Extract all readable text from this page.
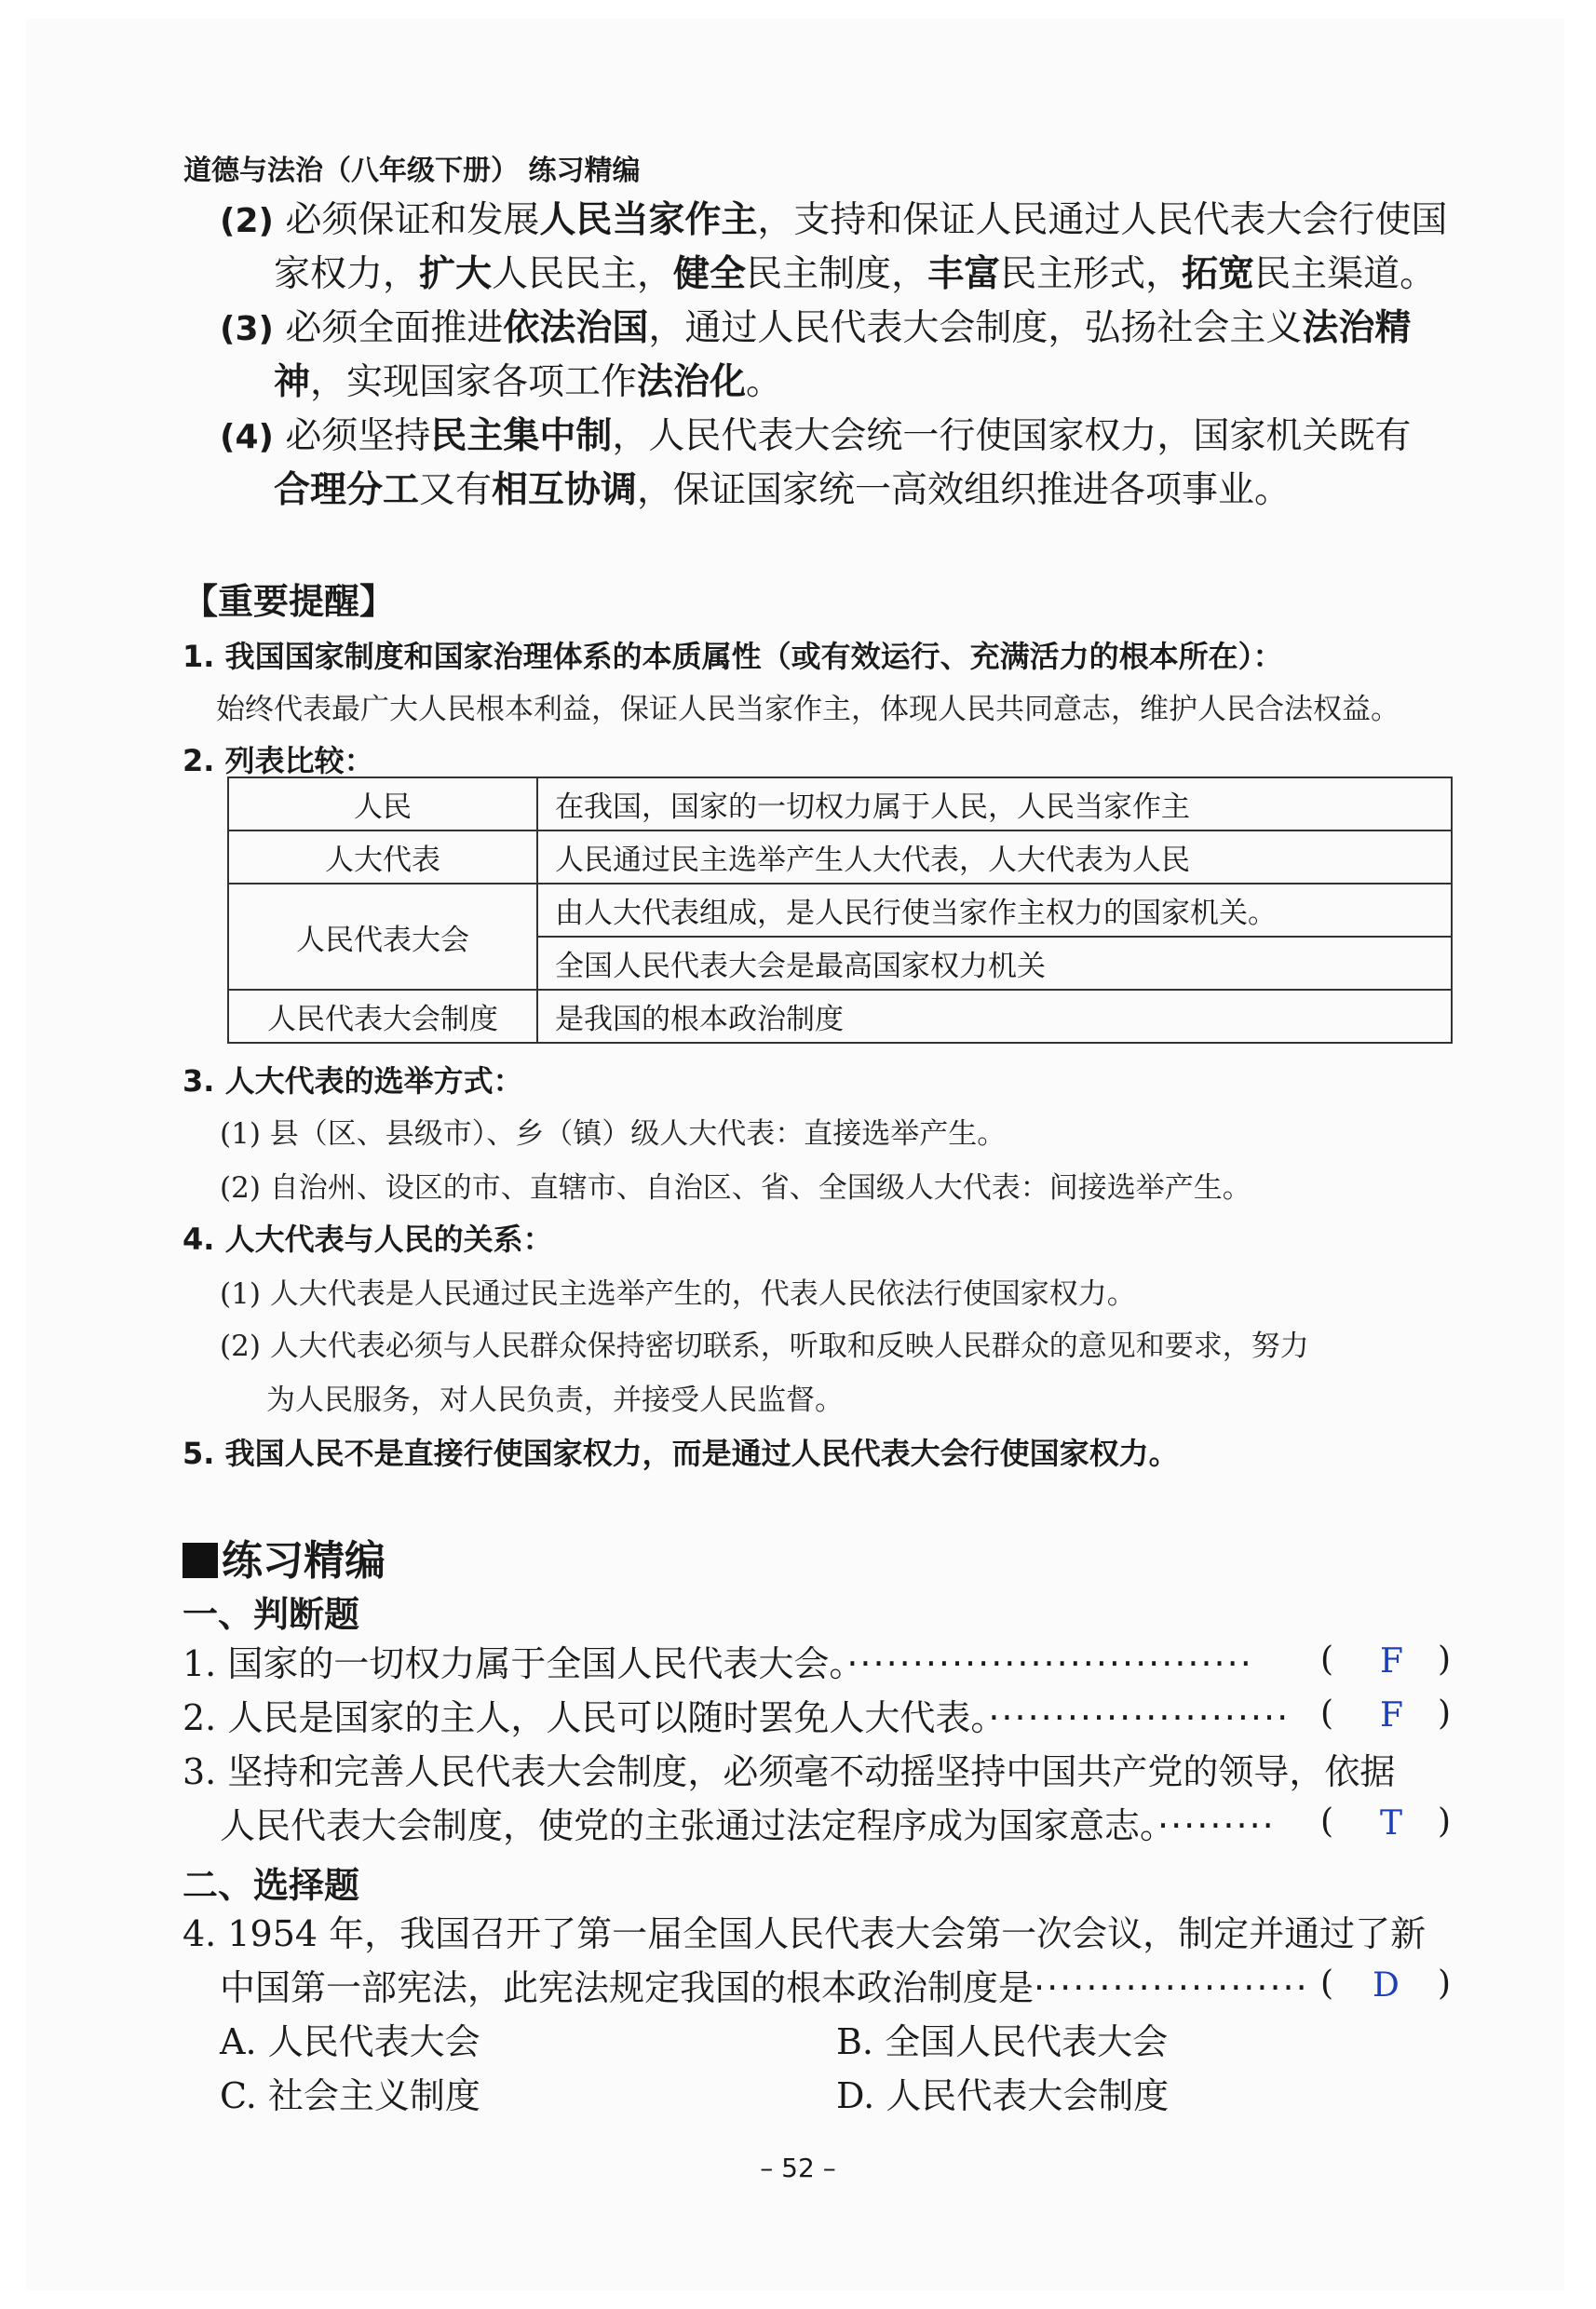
道德与法治（八年级下册） 练习精编
(2) 必须保证和发展人民当家作主，支持和保证人民通过人民代表大会行使国
家权力，扩大人民民主，健全民主制度，丰富民主形式，拓宽民主渠道。
(3) 必须全面推进依法治国，通过人民代表大会制度，弘扬社会主义法治精
神，实现国家各项工作法治化。
(4) 必须坚持民主集中制，人民代表大会统一行使国家权力，国家机关既有
合理分工又有相互协调，保证国家统一高效组织推进各项事业。
【重要提醒】
1. 我国国家制度和国家治理体系的本质属性（或有效运行、充满活力的根本所在）：
始终代表最广大人民根本利益，保证人民当家作主，体现人民共同意志，维护人民合法权益。
2. 列表比较：
人民	在我国，国家的一切权力属于人民，人民当家作主
人大代表	人民通过民主选举产生人大代表，人大代表为人民
人民代表大会	由人大代表组成，是人民行使当家作主权力的国家机关。
	全国人民代表大会是最高国家权力机关
人民代表大会制度	是我国的根本政治制度
3. 人大代表的选举方式：
(1) 县（区、县级市）、乡（镇）级人大代表：直接选举产生。
(2) 自治州、设区的市、直辖市、自治区、省、全国级人大代表：间接选举产生。
4. 人大代表与人民的关系：
(1) 人大代表是人民通过民主选举产生的，代表人民依法行使国家权力。
(2) 人大代表必须与人民群众保持密切联系，听取和反映人民群众的意见和要求，努力
为人民服务，对人民负责，并接受人民监督。
5. 我国人民不是直接行使国家权力，而是通过人民代表大会行使国家权力。
练习精编
一、判断题
1. 国家的一切权力属于全国人民代表大会。······························· ( F )
2. 人民是国家的主人，人民可以随时罢免人大代表。······················· ( F )
3. 坚持和完善人民代表大会制度，必须毫不动摇坚持中国共产党的领导，依据
人民代表大会制度，使党的主张通过法定程序成为国家意志。········· ( T )
二、选择题
4. 1954 年，我国召开了第一届全国人民代表大会第一次会议，制定并通过了新
中国第一部宪法，此宪法规定我国的根本政治制度是····················· ( D )
A. 人民代表大会	B. 全国人民代表大会
C. 社会主义制度	D. 人民代表大会制度
– 52 –
